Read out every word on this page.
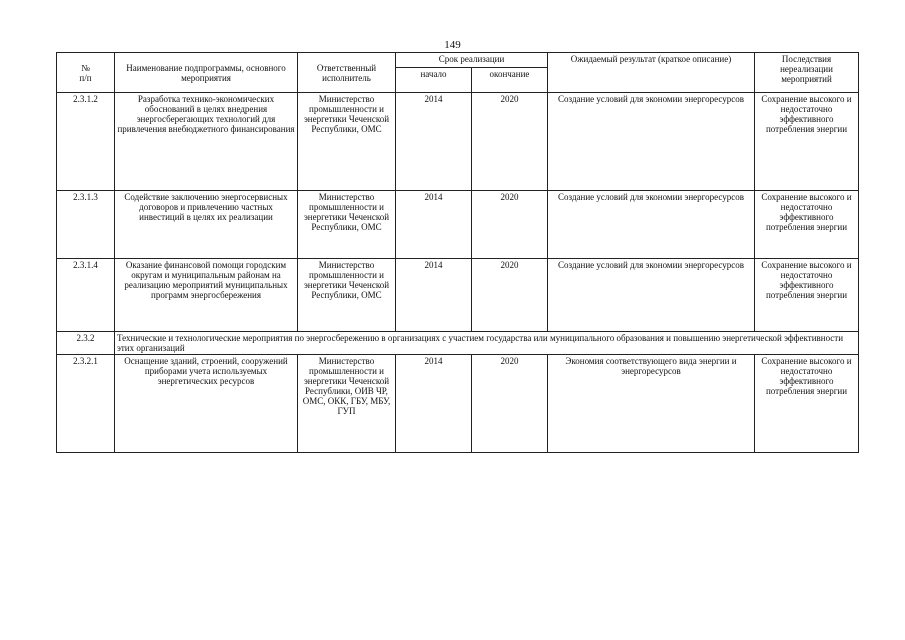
149
№
п/п	Наименование подпрограммы, основного мероприятия	Ответственный исполнитель	Срок реализации		Ожидаемый результат (краткое описание)	Последствия нереализации мероприятий
			начало	окончание		
2.3.1.2	Разработка технико-экономических обоснований в целях внедрения энергосберегающих технологий для привлечения внебюджетного финансирования	Министерство промышленности и энергетики Чеченской Республики, ОМС	2014	2020	Создание условий для экономии энергоресурсов	Сохранение высокого и недостаточно эффективного потребления энергии
2.3.1.3	Содействие заключению энергосервисных договоров и привлечению частных инвестиций в целях их реализации	Министерство промышленности и энергетики Чеченской Республики, ОМС	2014	2020	Создание условий для экономии энергоресурсов	Сохранение высокого и недостаточно эффективного потребления энергии
2.3.1.4	Оказание финансовой помощи городским округам и муниципальным районам на реализацию мероприятий муниципальных программ энергосбережения	Министерство промышленности и энергетики Чеченской Республики, ОМС	2014	2020	Создание условий для экономии энергоресурсов	Сохранение высокого и недостаточно эффективного потребления энергии
2.3.2	Технические и технологические мероприятия по энергосбережению в организациях с участием государства или муниципального образования и повышению энергетической эффективности этих организаций					
2.3.2.1	Оснащение зданий, строений, сооружений приборами учета используемых энергетических ресурсов	Министерство промышленности и энергетики Чеченской Республики, ОИВ ЧР, ОМС, ОКК, ГБУ, МБУ, ГУП	2014	2020	Экономия соответствующего вида энергии и энергоресурсов	Сохранение высокого и недостаточно эффективного потребления энергии
